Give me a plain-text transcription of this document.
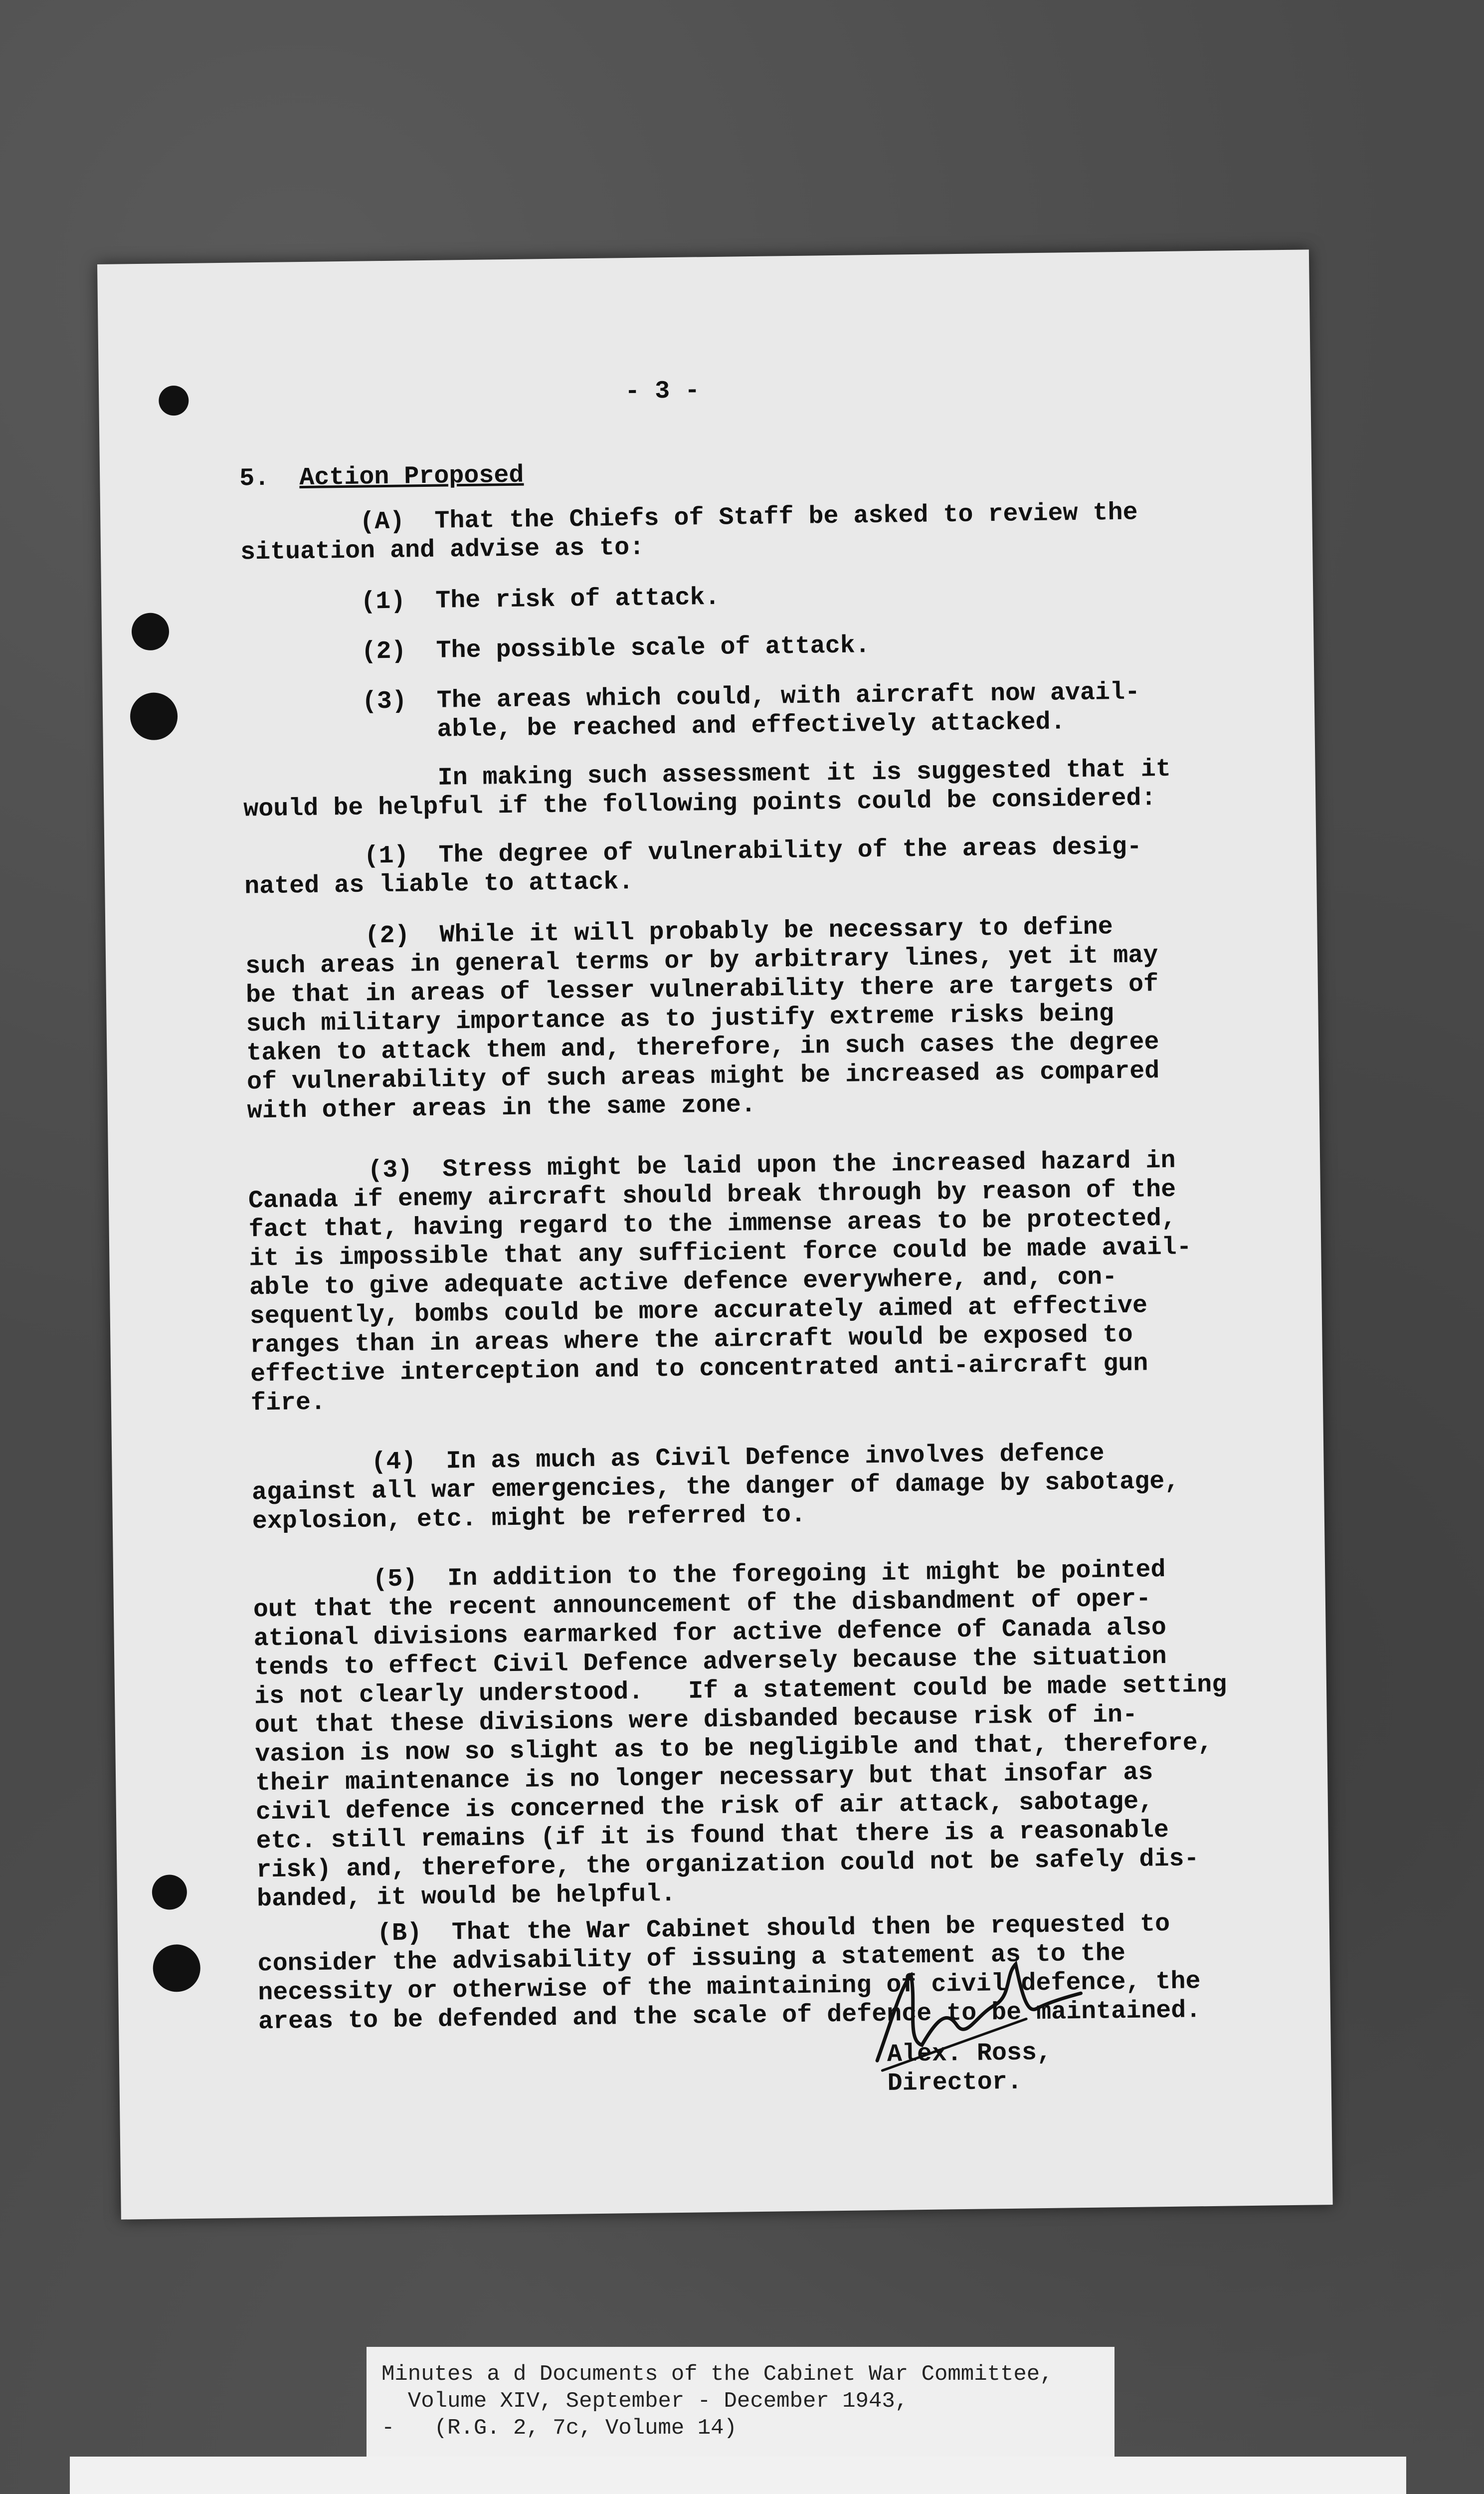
- 3 -
5. Action Proposed
(A)  That the Chiefs of Staff be asked to review the
situation and advise as to:
(1)  The risk of attack.
(2)  The possible scale of attack.
(3)  The areas which could, with aircraft now avail-
able, be reached and effectively attacked.
In making such assessment it is suggested that it
would be helpful if the following points could be considered:
(1)  The degree of vulnerability of the areas desig-
nated as liable to attack.
(2)  While it will probably be necessary to define
such areas in general terms or by arbitrary lines, yet it may
be that in areas of lesser vulnerability there are targets of
such military importance as to justify extreme risks being
taken to attack them and, therefore, in such cases the degree
of vulnerability of such areas might be increased as compared
with other areas in the same zone.
(3)  Stress might be laid upon the increased hazard in
Canada if enemy aircraft should break through by reason of the
fact that, having regard to the immense areas to be protected,
it is impossible that any sufficient force could be made avail-
able to give adequate active defence everywhere, and, con-
sequently, bombs could be more accurately aimed at effective
ranges than in areas where the aircraft would be exposed to
effective interception and to concentrated anti-aircraft gun
fire.
(4)  In as much as Civil Defence involves defence
against all war emergencies, the danger of damage by sabotage,
explosion, etc. might be referred to.
(5)  In addition to the foregoing it might be pointed
out that the recent announcement of the disbandment of oper-
ational divisions earmarked for active defence of Canada also
tends to effect Civil Defence adversely because the situation
is not clearly understood.   If a statement could be made setting
out that these divisions were disbanded because risk of in-
vasion is now so slight as to be negligible and that, therefore,
their maintenance is no longer necessary but that insofar as
civil defence is concerned the risk of air attack, sabotage,
etc. still remains (if it is found that there is a reasonable
risk) and, therefore, the organization could not be safely dis-
banded, it would be helpful.
(B)  That the War Cabinet should then be requested to
consider the advisability of issuing a statement as to the
necessity or otherwise of the maintaining of civil defence, the
areas to be defended and the scale of defence to be maintained.
Alex. Ross,
Director.
Minutes a d Documents of the Cabinet War Committee,
Volume XIV, September - December 1943,
-   (R.G. 2, 7c, Volume 14)
